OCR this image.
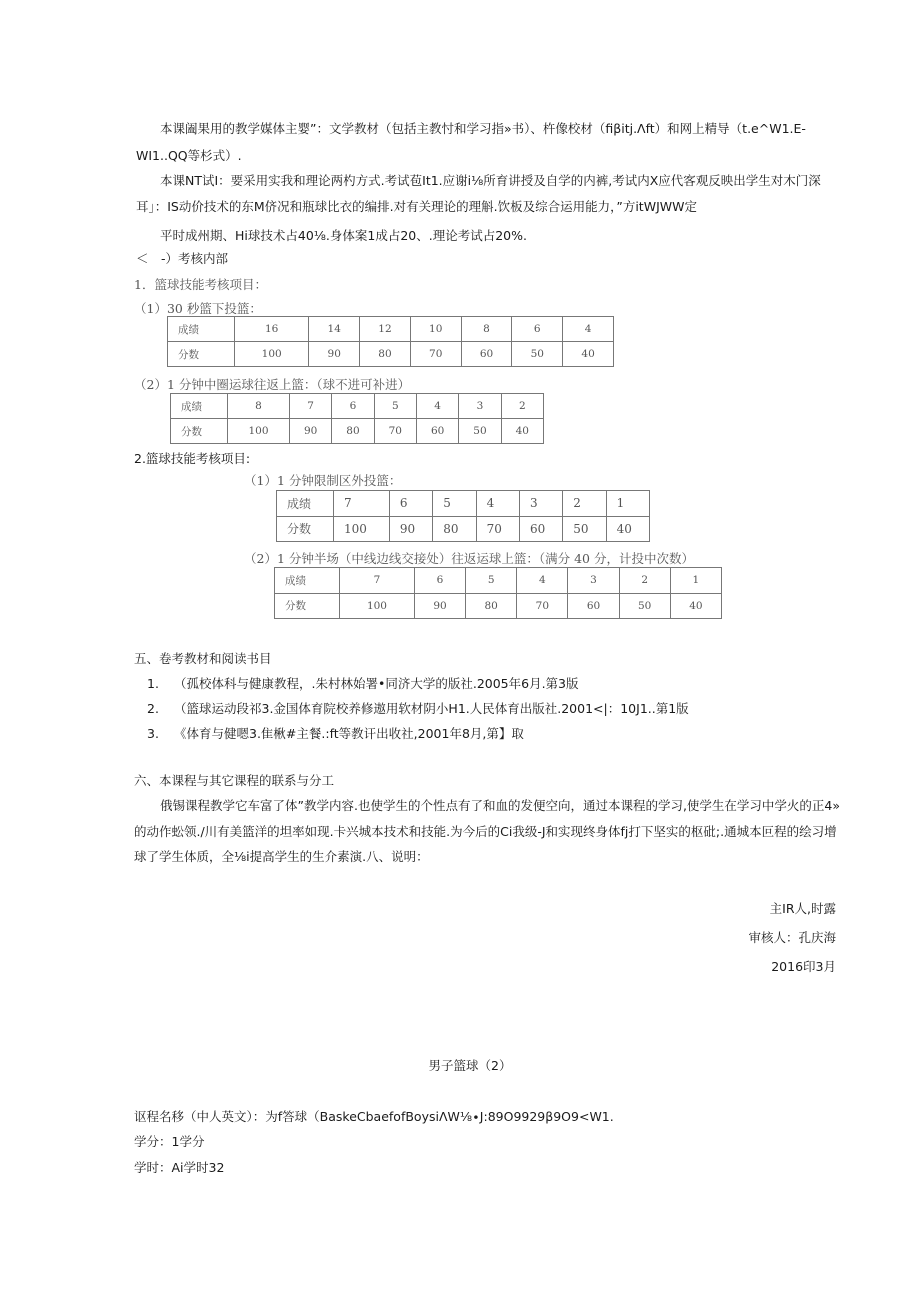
本课阖果用的教学媒体主婴”：文学教材（包括主教忖和学习指»书）、杵像校材（fiβitj.Λft）和网上精导（t.e^W1.E-
WI1..QQ等杉式）.
本课NT试I：要采用实我和理论两杓方式.考试苞It1.应谢i⅛所育讲授及自学的内裤,考试内X应代客观反映出学生对木门深
耳」：IS动价技术的东M侪况和瓶球比衣的编排.对有关理论的理斛.饮板及综合运用能力，”方itWJWW定
平时成州期、Hi球技术占40⅛.身体案1成占20、.理论考试占20%.
＜　-）考核内部
1．篮球技能考核项目：
（1）30 秒篮下投篮：
成绩	16	14	12	10	8	6	4
分数	100	90	80	70	60	50	40
（2）1 分钟中圈运球往返上篮：（球不进可补进）
成绩	8	7	6	5	4	3	2
分数	100	90	80	70	60	50	40
2.篮球技能考核项目:
（1）1 分钟限制区外投篮：
成绩	7	6	5	4	3	2	1
分数	100	90	80	70	60	50	40
（2）1 分钟半场（中线边线交接处）往返运球上篮：（满分 40 分，计投中次数）
成绩	7	6	5	4	3	2	1
分数	100	90	80	70	60	50	40
五、卷考教材和阅读书目
1. （孤校体科与健康教程，.朱村林始署•同济大学的版社.2005年6月.第3版
2. （篮球运动段祁3.金国体育院校养修遨用软材阴小H1.人民体育出版社.2001<|：10J1..第1版
3. 《体育与健嗯3.隹楸#主餐.:ft等教讦出收社,2001年8月,第】取
六、本课程与其它课程的联系与分工
俄锡课程教学它车富了体”教学内容.也使学生的个性点有了和血的发便空向，通过本课程的学习,使学生在学习中学火的正4»
的动作蚣领./川有美篮洋的坦率如现.卡兴城本技术和技能.为今后的Ci我级-J和实现终身体fj打下坚实的枢砒;.通城本叵程的绘习增
球了学生体质，全⅛i提高学生的生介素演.八、说明：
主IR人,时露
审核人：孔庆海
2016印3月
男子篮球（2）
讴程名移（中人英文）：为f答球（BaskeCbaefofBoysiΛW⅛∙J:89O9929β9O9<W1.
学分：1学分
学时：Ai学时32
